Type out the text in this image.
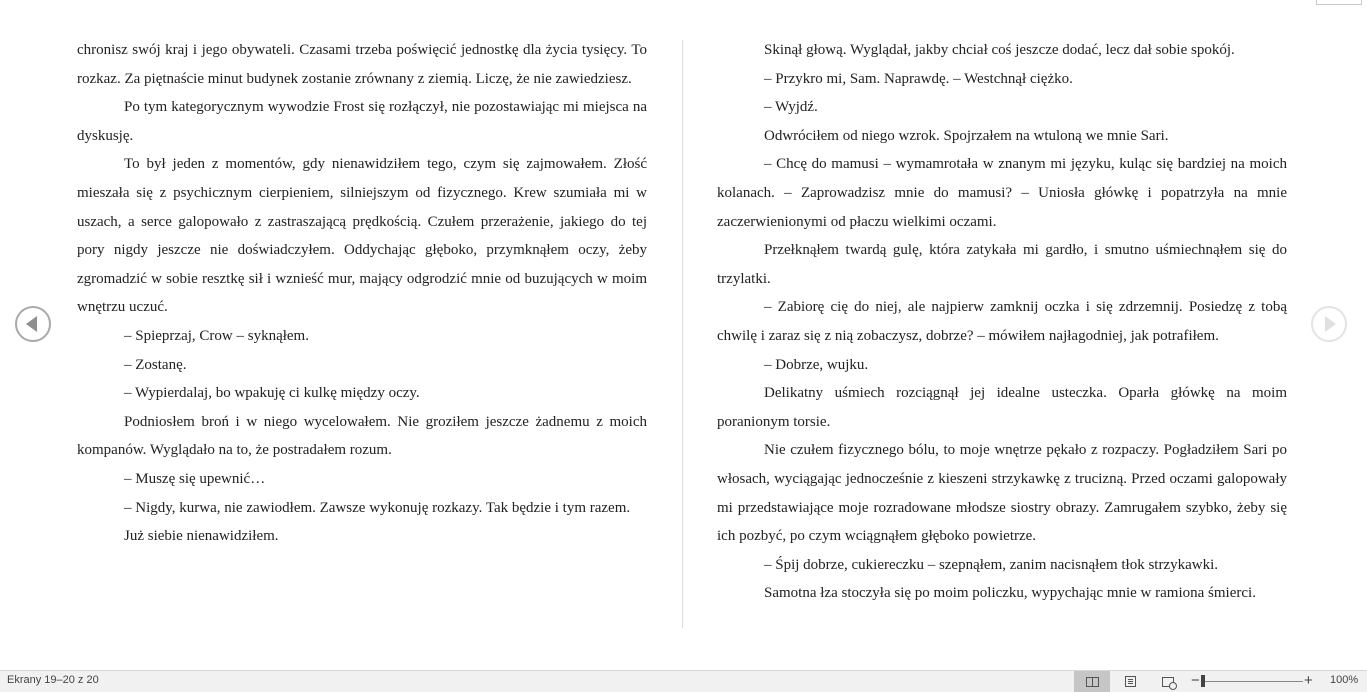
chronisz swój kraj i jego obywateli. Czasami trzeba poświęcić jednostkę dla życia tysięcy. To rozkaz. Za piętnaście minut budynek zostanie zrównany z ziemią. Liczę, że nie zawiedziesz.

Po tym kategorycznym wywodzie Frost się rozłączył, nie pozostawiając mi miejsca na dyskusję.

To był jeden z momentów, gdy nienawidziłem tego, czym się zajmowałem. Złość mieszała się z psychicznym cierpieniem, silniejszym od fizycznego. Krew szumiała mi w uszach, a serce galopowało z zastraszającą prędkością. Czułem przerażenie, jakiego do tej pory nigdy jeszcze nie doświadczyłem. Oddychając głęboko, przymknąłem oczy, żeby zgromadzić w sobie resztkę sił i wznieść mur, mający odgrodzić mnie od buzujących w moim wnętrzu uczuć.

– Spieprzaj, Crow – syknąłem.

– Zostanę.

– Wypierdalaj, bo wpakuję ci kulkę między oczy.

Podniosłem broń i w niego wycelowałem. Nie groziłem jeszcze żadnemu z moich kompanów. Wyglądało na to, że postradałem rozum.

– Muszę się upewnić…

– Nigdy, kurwa, nie zawiodłem. Zawsze wykonuję rozkazy. Tak będzie i tym razem.

Już siebie nienawidziłem.

Skinął głową. Wyglądał, jakby chciał coś jeszcze dodać, lecz dał sobie spokój.

– Przykro mi, Sam. Naprawdę. – Westchnął ciężko.

– Wyjdź.

Odwróciłem od niego wzrok. Spojrzałem na wtuloną we mnie Sari.

– Chcę do mamusi – wymamrotała w znanym mi języku, kuląc się bardziej na moich kolanach. – Zaprowadzisz mnie do mamusi? – Uniosła główkę i popatrzyła na mnie zaczerwienionymi od płaczu wielkimi oczami.

Przełknąłem twardą gulę, która zatykała mi gardło, i smutno uśmiechnąłem się do trzylatki.

– Zabiorę cię do niej, ale najpierw zamknij oczka i się zdrzemnij. Posiedzę z tobą chwilę i zaraz się z nią zobaczysz, dobrze? – mówiłem najłagodniej, jak potrafiłem.

– Dobrze, wujku.

Delikatny uśmiech rozciągnął jej idealne usteczka. Oparła główkę na moim poranionym torsie.

Nie czułem fizycznego bólu, to moje wnętrze pękało z rozpaczy. Pogładziłem Sari po włosach, wyciągając jednocześnie z kieszeni strzykawkę z trucizną. Przed oczami galopowały mi przedstawiające moje rozradowane młodsze siostry obrazy. Zamrugałem szybko, żeby się ich pozbyć, po czym wciągnąłem głęboko powietrze.

– Śpij dobrze, cukiereczku – szepnąłem, zanim nacisnąłem tłok strzykawki.

Samotna łza stoczyła się po moim policzku, wypychając mnie w ramiona śmierci.

Ekrany 19–20 z 20	−	+ 100%
